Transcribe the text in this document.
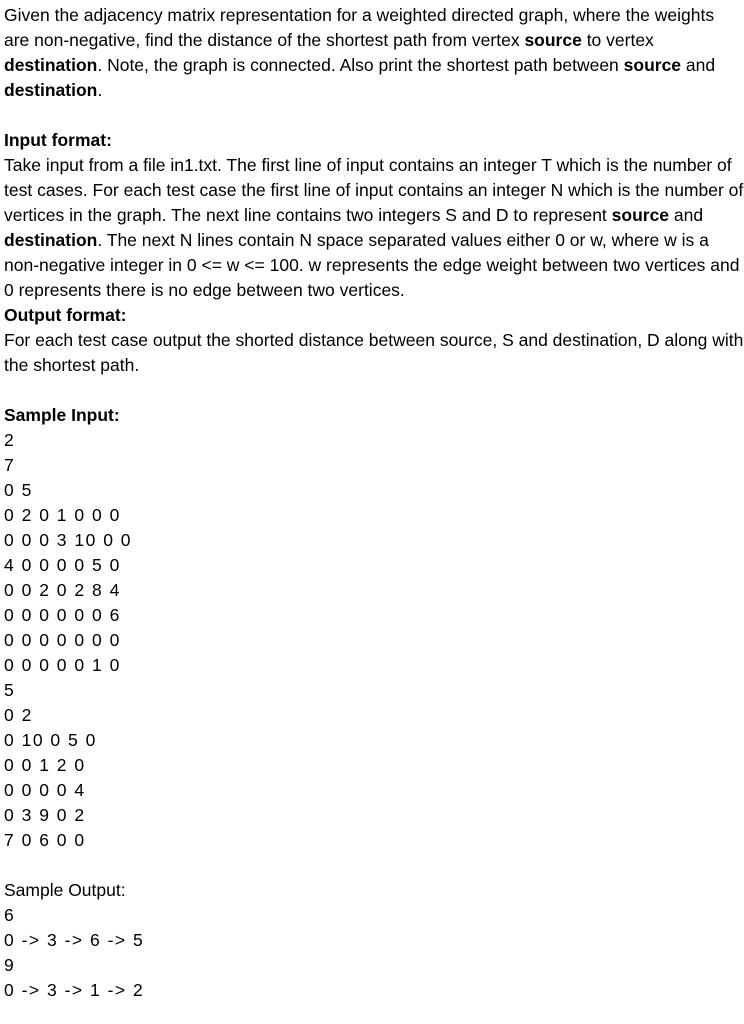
Given the adjacency matrix representation for a weighted directed graph, where the weights are non-negative, find the distance of the shortest path from vertex source to vertex destination. Note, the graph is connected. Also print the shortest path between source and destination.

Input format:

Take input from a file in1.txt. The first line of input contains an integer T which is the number of test cases. For each test case the first line of input contains an integer N which is the number of vertices in the graph. The next line contains two integers S and D to represent source and destination. The next N lines contain N space separated values either 0 or w, where w is a non-negative integer in 0 <= w <= 100. w represents the edge weight between two vertices and 0 represents there is no edge between two vertices.

Output format:

For each test case output the shorted distance between source, S and destination, D along with the shortest path.

Sample Input:

2

7

0 5

0 2 0 1 0 0 0

0 0 0 3 10 0 0

4 0 0 0 0 5 0

0 0 2 0 2 8 4

0 0 0 0 0 0 6

0 0 0 0 0 0 0

0 0 0 0 0 1 0

5

0 2

0 10 0 5 0

0 0 1 2 0

0 0 0 0 4

0 3 9 0 2

7 0 6 0 0

Sample Output:

6

0 -> 3 -> 6 -> 5

9

0 -> 3 -> 1 -> 2
